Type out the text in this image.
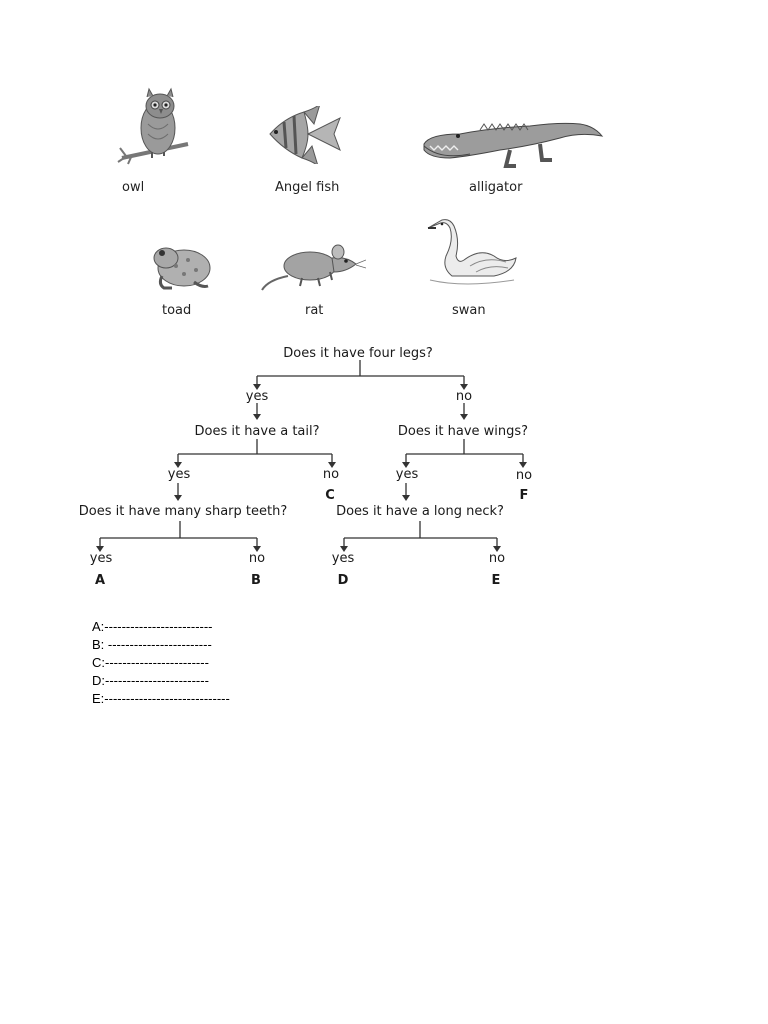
owl	Angel fish	alligator
toad	rat	swan
Does it have four legs?
yes	no
Does it have a tail?	Does it have wings?
yes	no
C
yes	no
F
Does it have many sharp teeth?	Does it have a long neck?
yes	no
A	B
yes	no
D	E
A:-------------------------
B: ------------------------
C:------------------------
D:------------------------
E:-----------------------------
